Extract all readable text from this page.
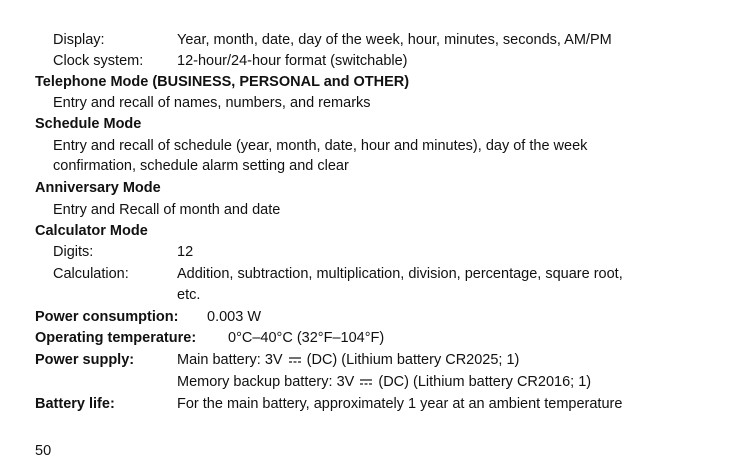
Display:	Year, month, date, day of the week, hour, minutes, seconds, AM/PM
Clock system: 12-hour/24-hour format (switchable)
Telephone Mode (BUSINESS, PERSONAL and OTHER)
Entry and recall of names, numbers, and remarks
Schedule Mode
Entry and recall of schedule (year, month, date, hour and minutes), day of the week
confirmation, schedule alarm setting and clear
Anniversary Mode
Entry and Recall of month and date
Calculator Mode
Digits:	12
Calculation:	Addition, subtraction, multiplication, division, percentage, square root,
etc.
Power consumption: 0.003 W
Operating temperature: 0°C–40°C (32°F–104°F)
Power supply:	Main battery: 3V (DC) (Lithium battery CR2025; 1)
Memory backup battery: 3V (DC) (Lithium battery CR2016; 1)
Battery life:	For the main battery, approximately 1 year at an ambient temperature
50
